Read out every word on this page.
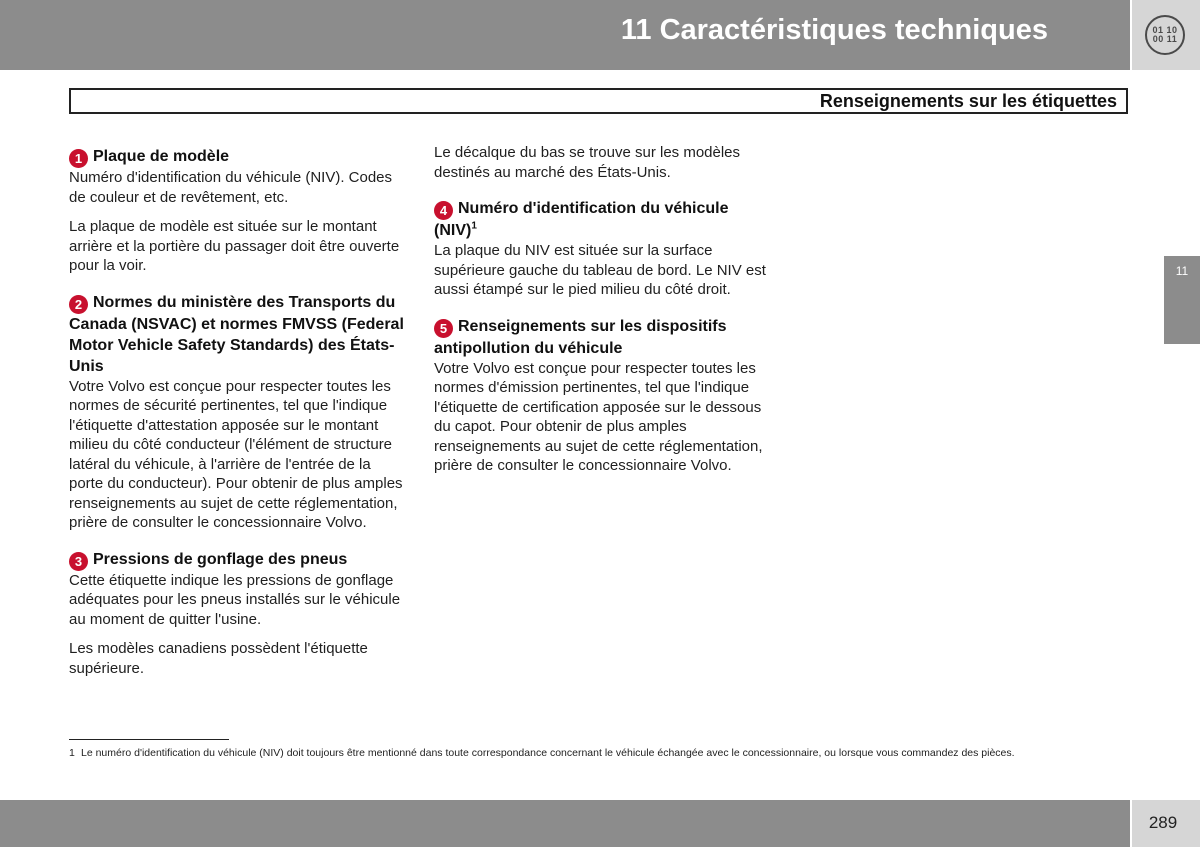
11 Caractéristiques techniques	01 10
00 11
Renseignements sur les étiquettes
11
1 Plaque de modèle

Numéro d'identification du véhicule (NIV). Codes de couleur et de revêtement, etc.

La plaque de modèle est située sur le montant arrière et la portière du passager doit être ouverte pour la voir.

2 Normes du ministère des Transports du Canada (NSVAC) et normes FMVSS (Federal Motor Vehicle Safety Standards) des États-Unis

Votre Volvo est conçue pour respecter toutes les normes de sécurité pertinentes, tel que l'indique l'étiquette d'attestation apposée sur le montant milieu du côté conducteur (l'élément de structure latéral du véhicule, à l'arrière de l'entrée de la porte du conducteur). Pour obtenir de plus amples renseignements au sujet de cette réglementation, prière de consulter le concessionnaire Volvo.

3 Pressions de gonflage des pneus

Cette étiquette indique les pressions de gonflage adéquates pour les pneus installés sur le véhicule au moment de quitter l'usine.

Les modèles canadiens possèdent l'étiquette supérieure.

Le décalque du bas se trouve sur les modèles destinés au marché des États-Unis.

4 Numéro d'identification du véhicule (NIV)$^1$

La plaque du NIV est située sur la surface supérieure gauche du tableau de bord. Le NIV est aussi étampé sur le pied milieu du côté droit.

5 Renseignements sur les dispositifs antipollution du véhicule

Votre Volvo est conçue pour respecter toutes les normes d'émission pertinentes, tel que l'indique l'étiquette de certification apposée sur le dessous du capot. Pour obtenir de plus amples renseignements au sujet de cette réglementation, prière de consulter le concessionnaire Volvo.

1 Le numéro d'identification du véhicule (NIV) doit toujours être mentionné dans toute correspondance concernant le véhicule échangée avec le concessionnaire, ou lorsque vous commandez des pièces.
289
